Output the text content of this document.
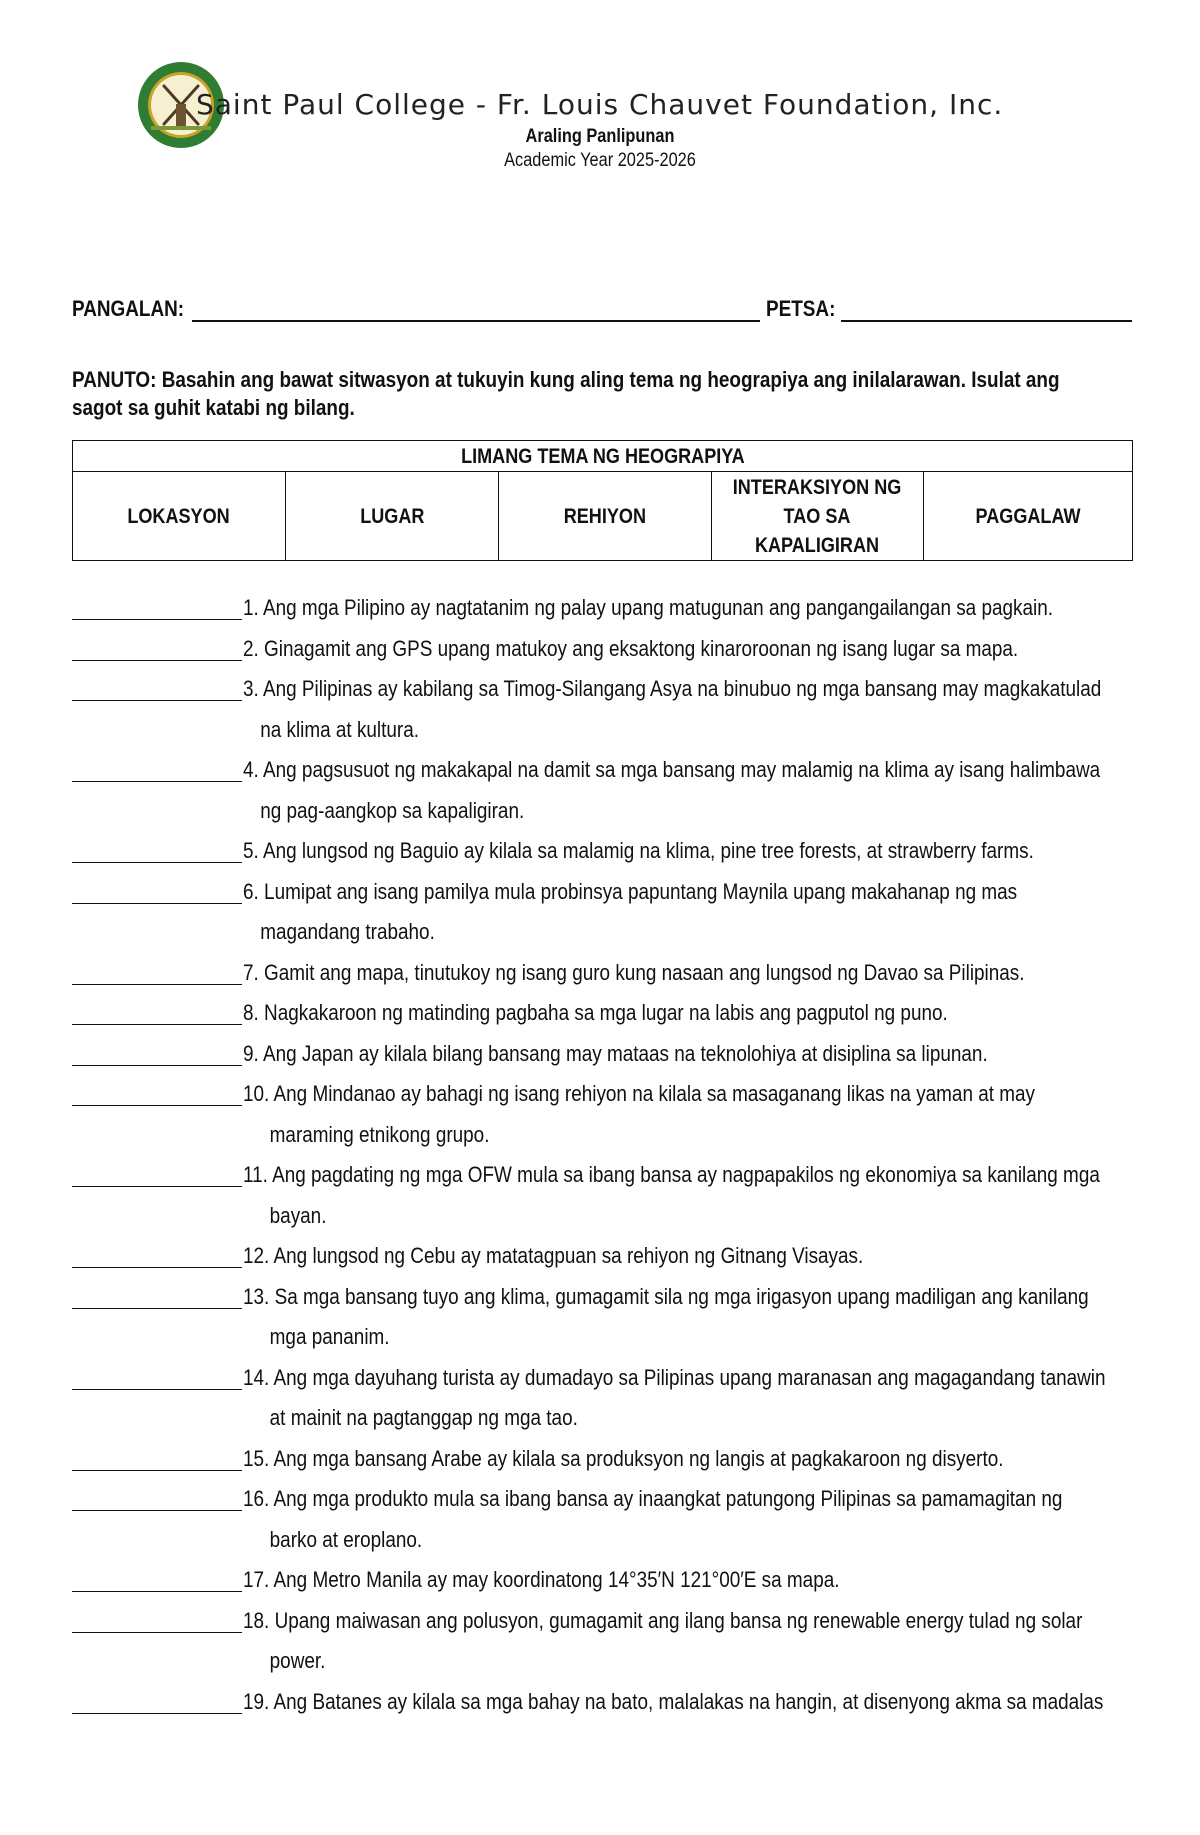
Saint Paul College - Fr. Louis Chauvet Foundation, Inc.
Araling Panlipunan
Academic Year 2025-2026
PANGALAN:	PETSA:
PANUTO: Basahin ang bawat sitwasyon at tukuyin kung aling tema ng heograpiya ang inilalarawan. Isulat ang
sagot sa guhit katabi ng bilang.
LIMANG TEMA NG HEOGRAPIYA
LOKASYON	LUGAR	REHIYON	INTERAKSIYON NG
TAO SA
KAPALIGIRAN	PAGGALAW
1. Ang mga Pilipino ay nagtatanim ng palay upang matugunan ang pangangailangan sa pagkain.
2. Ginagamit ang GPS upang matukoy ang eksaktong kinaroroonan ng isang lugar sa mapa.
3. Ang Pilipinas ay kabilang sa Timog-Silangang Asya na binubuo ng mga bansang may magkakatulad
na klima at kultura.
4. Ang pagsusuot ng makakapal na damit sa mga bansang may malamig na klima ay isang halimbawa
ng pag-aangkop sa kapaligiran.
5. Ang lungsod ng Baguio ay kilala sa malamig na klima, pine tree forests, at strawberry farms.
6. Lumipat ang isang pamilya mula probinsya papuntang Maynila upang makahanap ng mas
magandang trabaho.
7. Gamit ang mapa, tinutukoy ng isang guro kung nasaan ang lungsod ng Davao sa Pilipinas.
8. Nagkakaroon ng matinding pagbaha sa mga lugar na labis ang pagputol ng puno.
9. Ang Japan ay kilala bilang bansang may mataas na teknolohiya at disiplina sa lipunan.
10. Ang Mindanao ay bahagi ng isang rehiyon na kilala sa masaganang likas na yaman at may
maraming etnikong grupo.
11. Ang pagdating ng mga OFW mula sa ibang bansa ay nagpapakilos ng ekonomiya sa kanilang mga
bayan.
12. Ang lungsod ng Cebu ay matatagpuan sa rehiyon ng Gitnang Visayas.
13. Sa mga bansang tuyo ang klima, gumagamit sila ng mga irigasyon upang madiligan ang kanilang
mga pananim.
14. Ang mga dayuhang turista ay dumadayo sa Pilipinas upang maranasan ang magagandang tanawin
at mainit na pagtanggap ng mga tao.
15. Ang mga bansang Arabe ay kilala sa produksyon ng langis at pagkakaroon ng disyerto.
16. Ang mga produkto mula sa ibang bansa ay inaangkat patungong Pilipinas sa pamamagitan ng
barko at eroplano.
17. Ang Metro Manila ay may koordinatong 14°35′N 121°00′E sa mapa.
18. Upang maiwasan ang polusyon, gumagamit ang ilang bansa ng renewable energy tulad ng solar
power.
19. Ang Batanes ay kilala sa mga bahay na bato, malalakas na hangin, at disenyong akma sa madalas
